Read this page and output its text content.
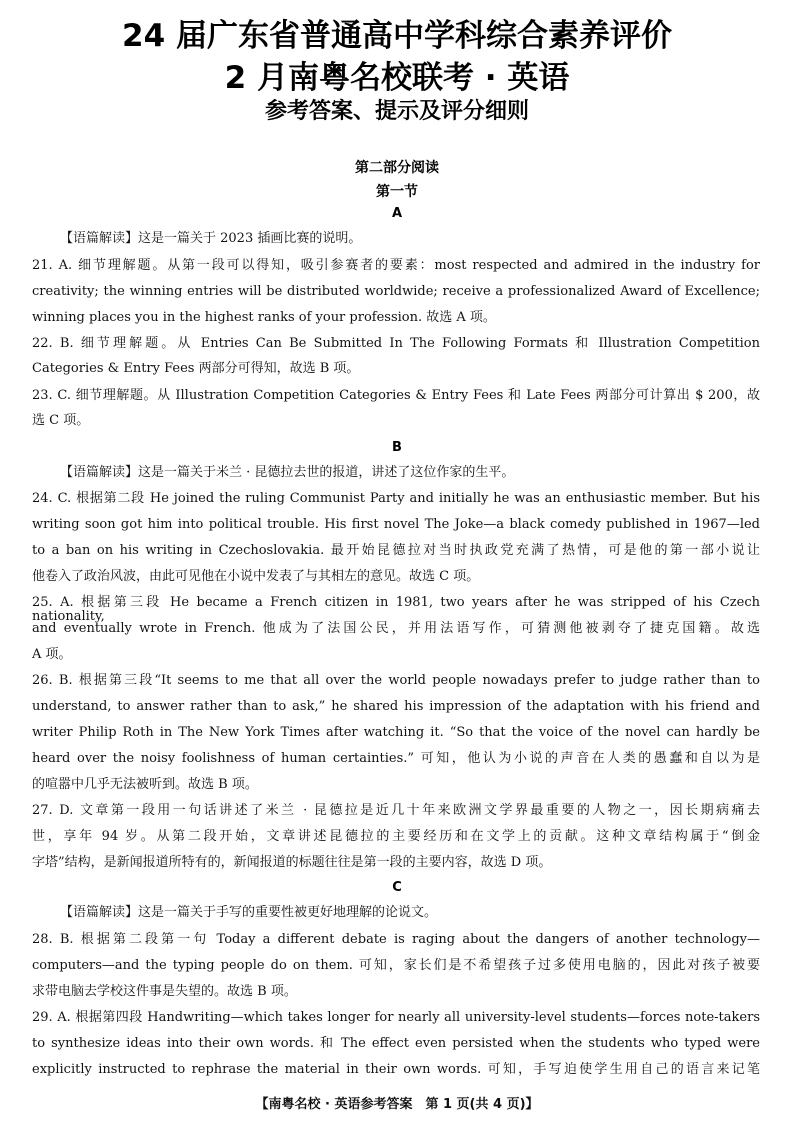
24 届广东省普通高中学科综合素养评价
2 月南粤名校联考 · 英语
参考答案、提示及评分细则
第二部分阅读
第一节
A
【语篇解读】这是一篇关于 2023 插画比赛的说明。
21. A. 细节理解题。从第一段可以得知，吸引参赛者的要素：most respected and admired in the industry for
creativity; the winning entries will be distributed worldwide; receive a professionalized Award of Excellence;
winning places you in the highest ranks of your profession. 故选 A 项。
22. B. 细节理解题。从 Entries Can Be Submitted In The Following Formats 和 Illustration Competition
Categories & Entry Fees 两部分可得知，故选 B 项。
23. C. 细节理解题。从 Illustration Competition Categories & Entry Fees 和 Late Fees 两部分可计算出 $ 200，故
选 C 项。
B
【语篇解读】这是一篇关于米兰 · 昆德拉去世的报道，讲述了这位作家的生平。
24. C. 根据第二段 He joined the ruling Communist Party and initially he was an enthusiastic member. But his
writing soon got him into political trouble. His first novel The Joke—a black comedy published in 1967—led
to a ban on his writing in Czechoslovakia. 最开始昆德拉对当时执政党充满了热情，可是他的第一部小说让
他卷入了政治风波，由此可见他在小说中发表了与其相左的意见。故选 C 项。
25. A. 根据第三段 He became a French citizen in 1981, two years after he was stripped of his Czech nationality,
and eventually wrote in French. 他成为了法国公民，并用法语写作，可猜测他被剥夺了捷克国籍。故选
A 项。
26. B. 根据第三段“It seems to me that all over the world people nowadays prefer to judge rather than to
understand, to answer rather than to ask,” he shared his impression of the adaptation with his friend and
writer Philip Roth in The New York Times after watching it. “So that the voice of the novel can hardly be
heard over the noisy foolishness of human certainties.” 可知，他认为小说的声音在人类的愚蠢和自以为是
的喧嚣中几乎无法被听到。故选 B 项。
27. D. 文章第一段用一句话讲述了米兰 · 昆德拉是近几十年来欧洲文学界最重要的人物之一，因长期病痛去
世，享年 94 岁。从第二段开始，文章讲述昆德拉的主要经历和在文学上的贡献。这种文章结构属于“倒金
字塔”结构，是新闻报道所特有的，新闻报道的标题往往是第一段的主要内容，故选 D 项。
C
【语篇解读】这是一篇关于手写的重要性被更好地理解的论说文。
28. B. 根据第二段第一句 Today a different debate is raging about the dangers of another technology—
computers—and the typing people do on them. 可知，家长们是不希望孩子过多使用电脑的，因此对孩子被要
求带电脑去学校这件事是失望的。故选 B 项。
29. A. 根据第四段 Handwriting—which takes longer for nearly all university-level students—forces note-takers
to synthesize ideas into their own words. 和 The effect even persisted when the students who typed were
explicitly instructed to rephrase the material in their own words. 可知，手写迫使学生用自己的语言来记笔
【南粤名校 · 英语参考答案　第 1 页(共 4 页)】
